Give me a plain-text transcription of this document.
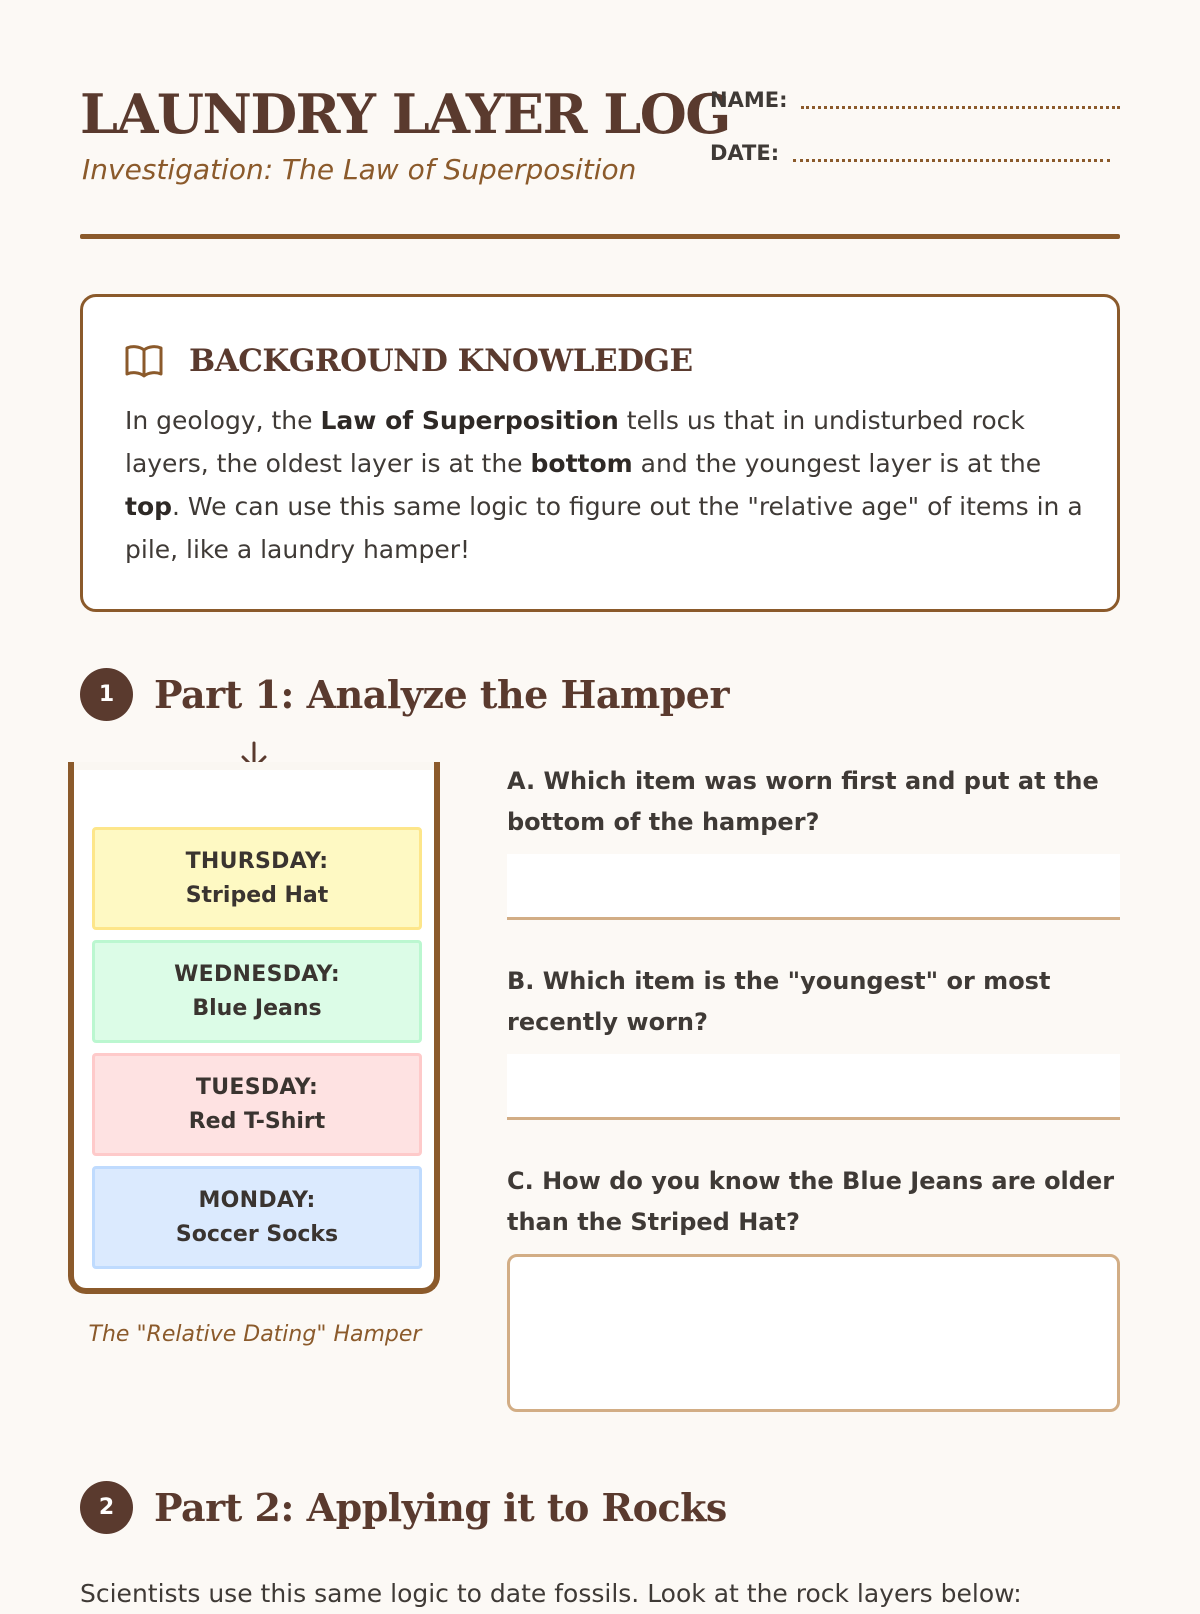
LAUNDRY LAYER LOG
Investigation: The Law of Superposition
NAME:
DATE:
BACKGROUND KNOWLEDGE

In geology, the Law of Superposition tells us that in undisturbed rock layers, the oldest layer is at the bottom and the youngest layer is at the top. We can use this same logic to figure out the "relative age" of items in a pile, like a laundry hamper!

1	Part 1: Analyze the Hamper
THURSDAY:
Striped Hat
WEDNESDAY:
Blue Jeans
TUESDAY:
Red T-Shirt
MONDAY:
Soccer Socks
The "Relative Dating" Hamper

A. Which item was worn first and put at the bottom of the hamper?

B. Which item is the "youngest" or most recently worn?

C. How do you know the Blue Jeans are older than the Striped Hat?

2	Part 2: Applying it to Rocks

Scientists use this same logic to date fossils. Look at the rock layers below:
